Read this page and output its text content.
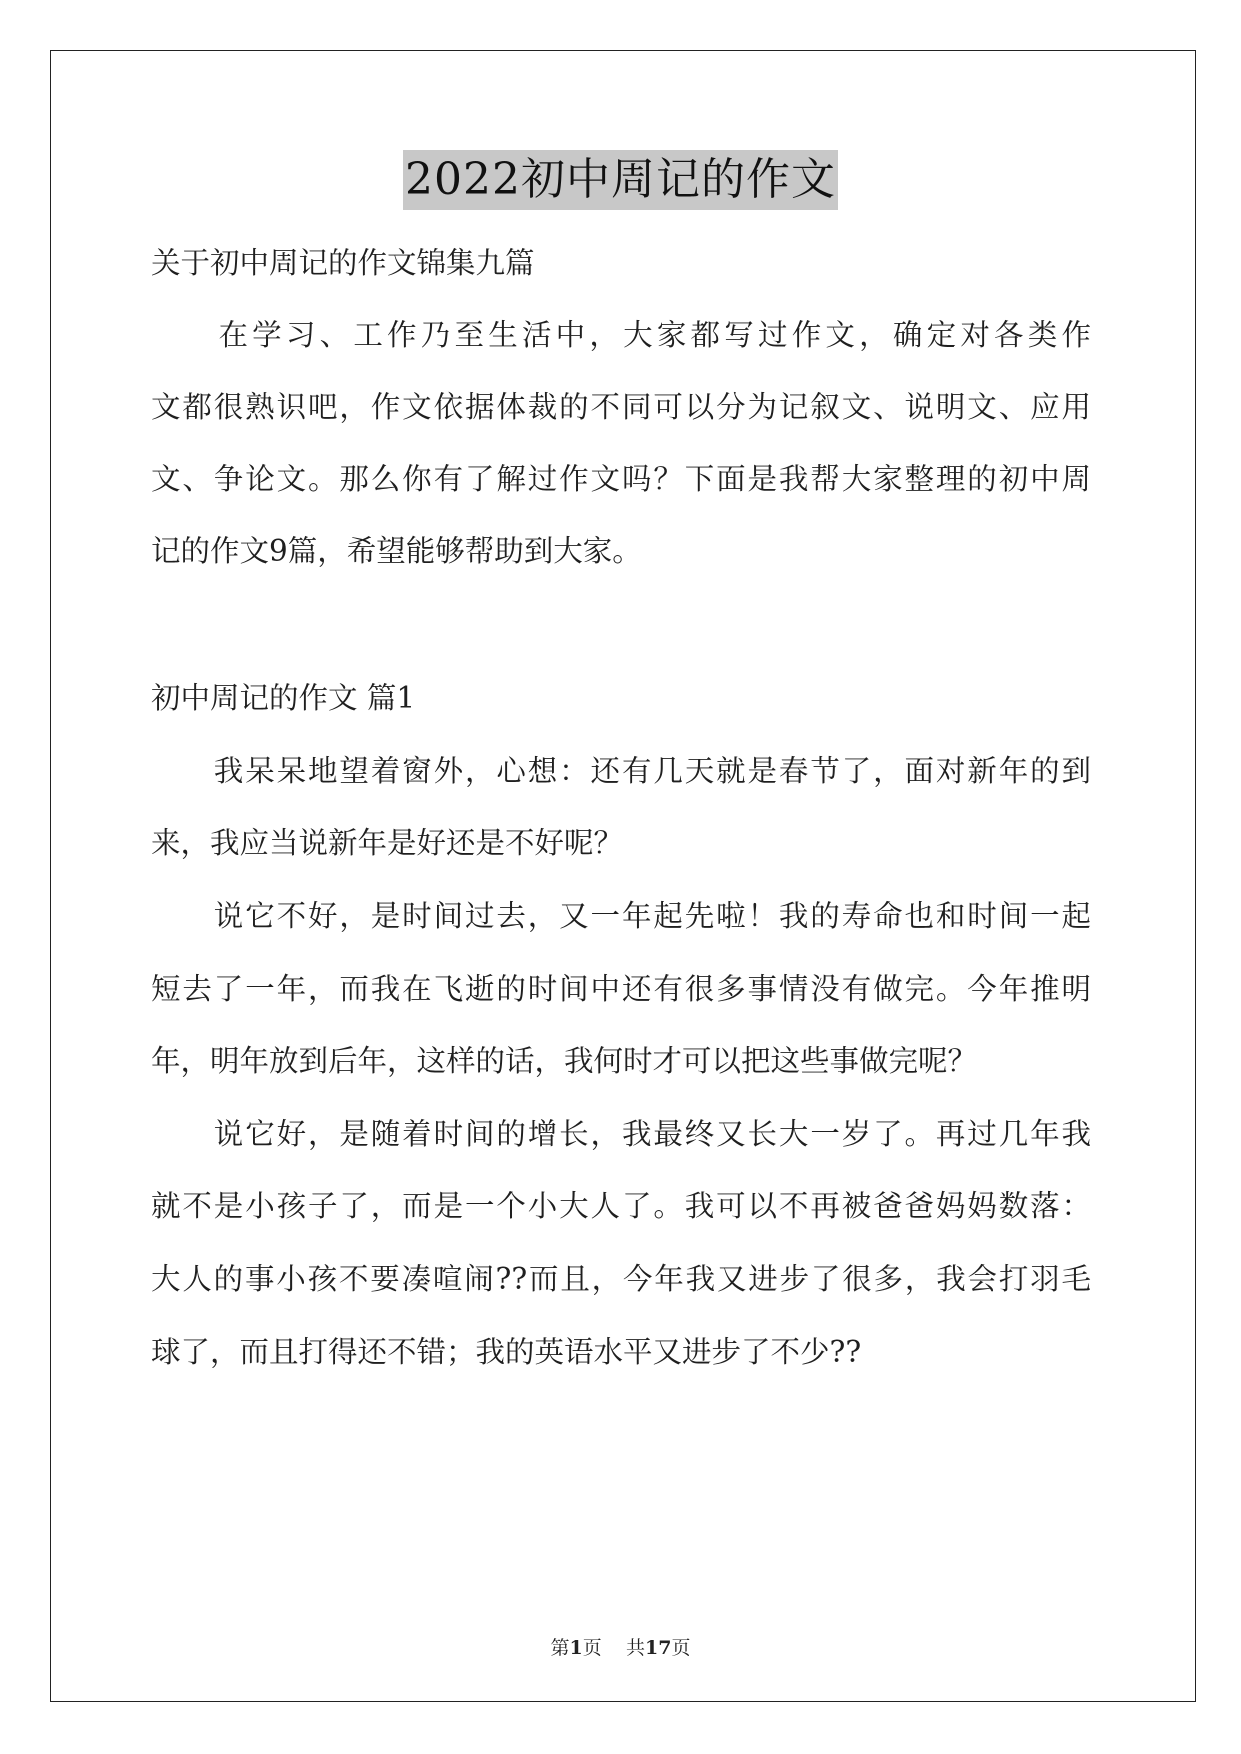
2022初中周记的作文
关于初中周记的作文锦集九篇
　　在学习、工作乃至生活中，大家都写过作文，确定对各类作
文都很熟识吧，作文依据体裁的不同可以分为记叙文、说明文、应用
文、争论文。那么你有了解过作文吗？下面是我帮大家整理的初中周
记的作文9篇，希望能够帮助到大家。
初中周记的作文 篇1
　　我呆呆地望着窗外，心想：还有几天就是春节了，面对新年的到
来，我应当说新年是好还是不好呢？
　　说它不好，是时间过去，又一年起先啦！我的寿命也和时间一起
短去了一年，而我在飞逝的时间中还有很多事情没有做完。今年推明
年，明年放到后年，这样的话，我何时才可以把这些事做完呢？
　　说它好，是随着时间的增长，我最终又长大一岁了。再过几年我
就不是小孩子了，而是一个小大人了。我可以不再被爸爸妈妈数落：
大人的事小孩不要凑喧闹??而且，今年我又进步了很多，我会打羽毛
球了，而且打得还不错；我的英语水平又进步了不少??
第1页 共17页
